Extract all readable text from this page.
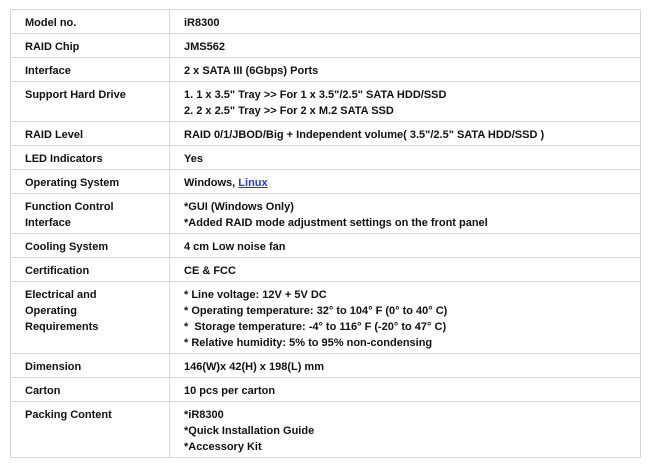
Model no.	iR8300
RAID Chip	JMS562
Interface	2 x SATA III (6Gbps) Ports
Support Hard Drive	1. 1 x 3.5" Tray >> For 1 x 3.5"/2.5" SATA HDD/SSD
2. 2 x 2.5" Tray >> For 2 x M.2 SATA SSD

RAID Level	RAID 0/1/JBOD/Big + Independent volume( 3.5"/2.5" SATA HDD/SSD )
LED Indicators	Yes
Operating System	Windows, Linux

Function Control
Interface	*GUI (Windows Only)
*Added RAID mode adjustment settings on the front panel

Cooling System	4 cm Low noise fan
Certification	CE & FCC

Electrical and
Operating
Requirements	* Line voltage: 12V + 5V DC
* Operating temperature: 32° to 104° F (0° to 40° C)
*  Storage temperature: -4° to 116° F (-20° to 47° C)
* Relative humidity: 5% to 95% non-condensing

Dimension	146(W)x 42(H) x 198(L) mm
Carton	10 pcs per carton
Packing Content	*iR8300
*Quick Installation Guide
*Accessory Kit
